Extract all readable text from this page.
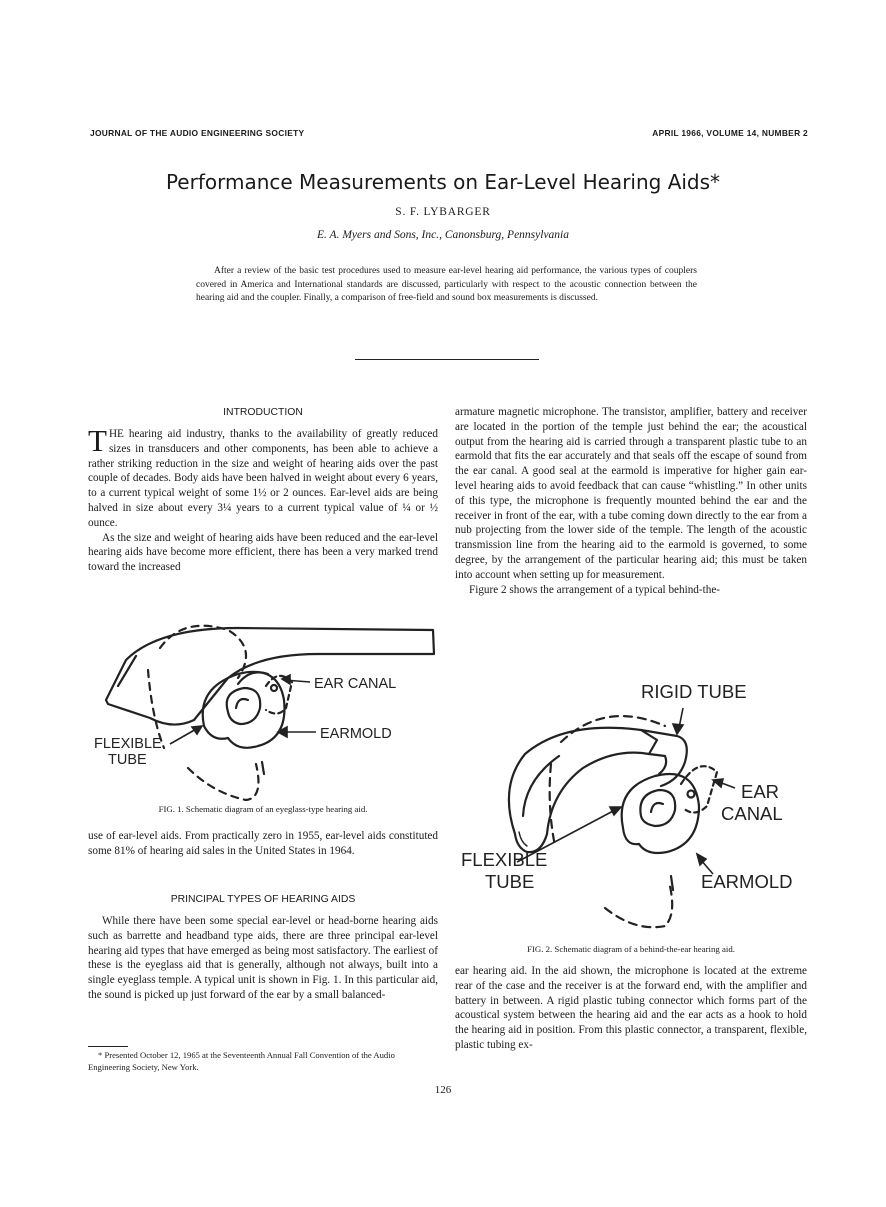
JOURNAL OF THE AUDIO ENGINEERING SOCIETY	APRIL 1966, VOLUME 14, NUMBER 2
Performance Measurements on Ear-Level Hearing Aids*
S. F. LYBARGER
E. A. Myers and Sons, Inc., Canonsburg, Pennsylvania
After a review of the basic test procedures used to measure ear-level hearing aid performance, the various types of couplers covered in America and International standards are discussed, particularly with respect to the acoustic connection between the hearing aid and the coupler. Finally, a comparison of free-field and sound box measurements is discussed.
INTRODUCTION

THE hearing aid industry, thanks to the availability of greatly reduced sizes in transducers and other components, has been able to achieve a rather striking reduction in the size and weight of hearing aids over the past couple of decades. Body aids have been halved in weight about every 6 years, to a current typical weight of some 1½ or 2 ounces. Ear-level aids are being halved in size about every 3¼ years to a current typical value of ¼ or ½ ounce.

As the size and weight of hearing aids have been reduced and the ear-level hearing aids have become more efficient, there has been a very marked trend toward the increased

EAR CANAL
EARMOLD
FLEXIBLE
TUBE
FIG. 1. Schematic diagram of an eyeglass-type hearing aid.
use of ear-level aids. From practically zero in 1955, ear-level aids constituted some 81% of hearing aid sales in the United States in 1964.
PRINCIPAL TYPES OF HEARING AIDS

While there have been some special ear-level or head-borne hearing aids such as barrette and headband type aids, there are three principal ear-level hearing aid types that have emerged as being most satisfactory. The earliest of these is the eyeglass aid that is generally, although not always, built into a single eyeglass temple. A typical unit is shown in Fig. 1. In this particular aid, the sound is picked up just forward of the ear by a small balanced-

* Presented October 12, 1965 at the Seventeenth Annual Fall Convention of the Audio Engineering Society, New York.

armature magnetic microphone. The transistor, amplifier, battery and receiver are located in the portion of the temple just behind the ear; the acoustical output from the hearing aid is carried through a transparent plastic tube to an earmold that fits the ear accurately and that seals off the escape of sound from the ear canal. A good seal at the earmold is imperative for higher gain ear-level hearing aids to avoid feedback that can cause “whistling.” In other units of this type, the microphone is frequently mounted behind the ear and the receiver in front of the ear, with a tube coming down directly to the ear from a nub projecting from the lower side of the temple. The length of the acoustic transmission line from the hearing aid to the earmold is governed, to some degree, by the arrangement of the particular hearing aid; this must be taken into account when setting up for measurement.

Figure 2 shows the arrangement of a typical behind-the-

RIGID TUBE
EAR
CANAL
FLEXIBLE
TUBE	EARMOLD
FIG. 2. Schematic diagram of a behind-the-ear hearing aid.
ear hearing aid. In the aid shown, the microphone is located at the extreme rear of the case and the receiver is at the forward end, with the amplifier and battery in between. A rigid plastic tubing connector which forms part of the acoustical system between the hearing aid and the ear acts as a hook to hold the hearing aid in position. From this plastic connector, a transparent, flexible, plastic tubing ex-
126
